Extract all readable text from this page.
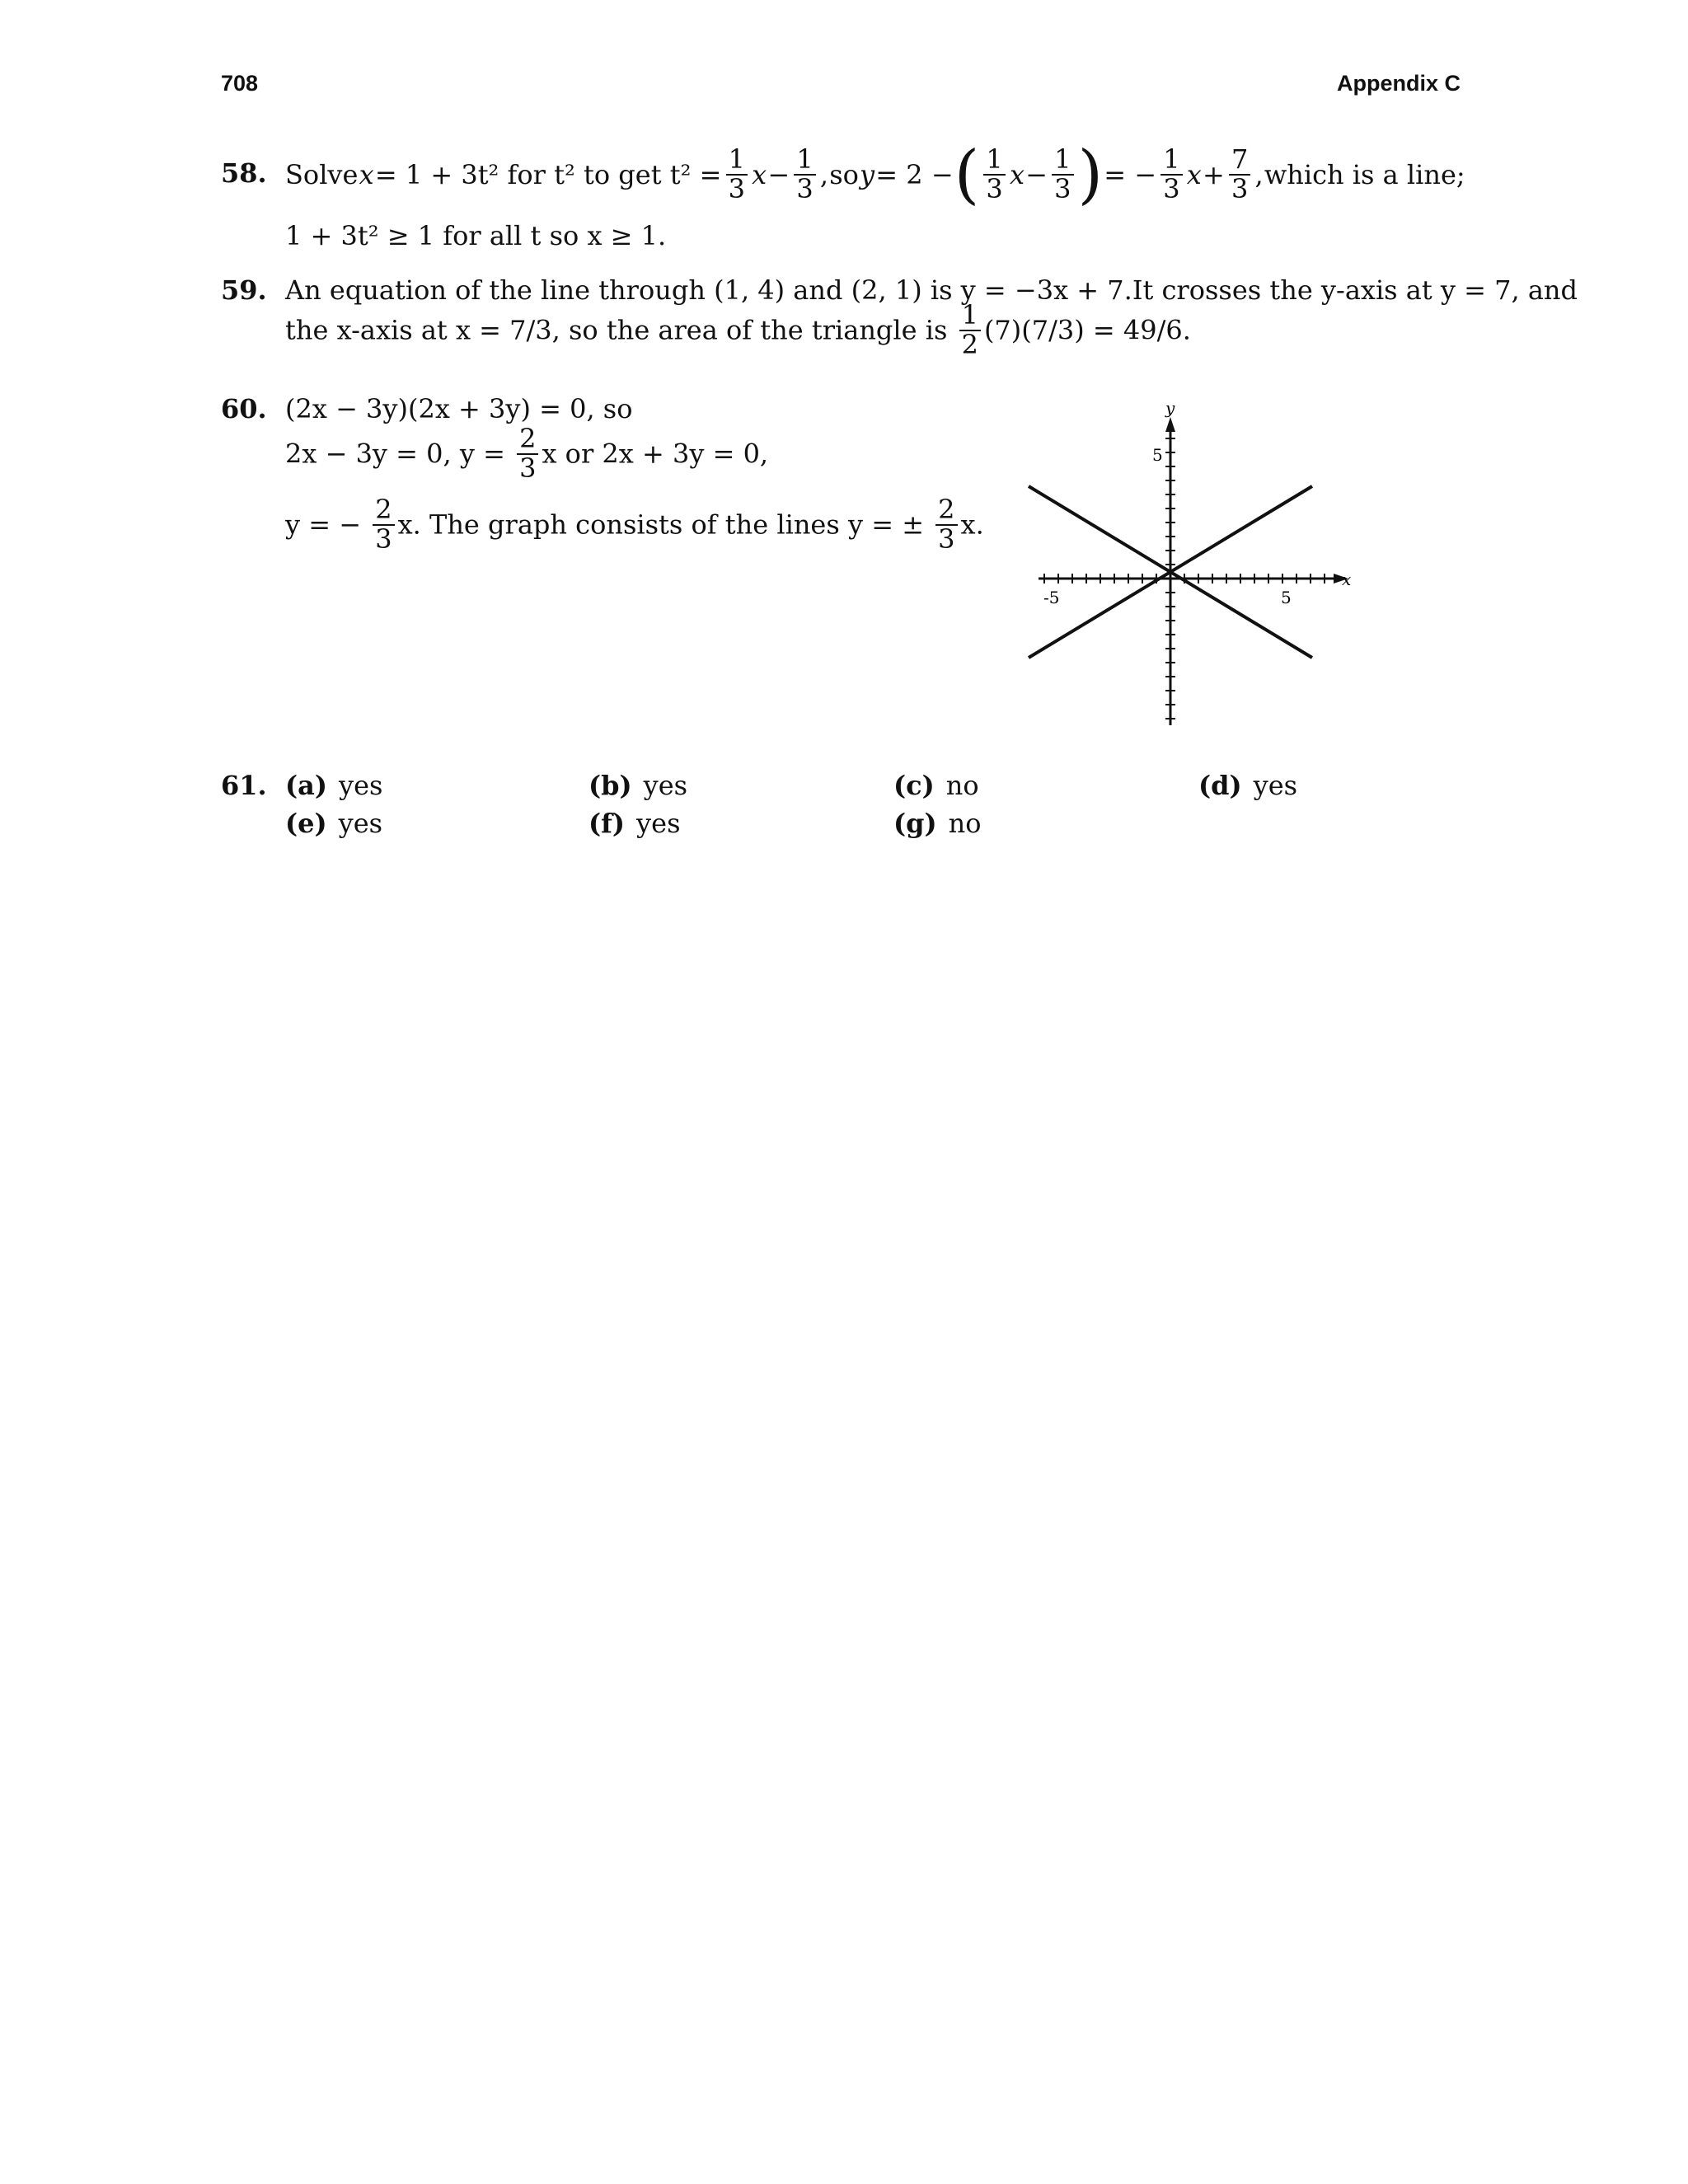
708	Appendix C
58. Solve x = 1 + 3t² for t² to get $t^2 = \frac{1}{3}$ $x - \frac{1}{3}$ , so y = 2 − ( $\frac{1}{3}$ $x - \frac{1}{3}$ ) = − $\frac{1}{3}$ $x + \frac{7}{3}$ , which is a line;
1 + 3t² ≥ 1 for all t so x ≥ 1.
59. An equation of the line through (1, 4) and (2, 1) is y = −3x + 7. It crosses the y-axis at y = 7, and
the x-axis at x = 7/3, so the area of the triangle is $\frac{1}{2} (7)(7/3) = 49/6$.
60. (2x − 3y)(2x + 3y) = 0, so
2x − 3y = 0, $y = \frac{2}{3}$ x or 2x + 3y = 0,
y = − $\frac{2}{3} x$. The graph consists of the lines y = ± $\frac{2}{3} x$.
y
x
5
-5	5
61. (a) yes	(b) yes	(c) no	(d) yes
(e) yes	(f) yes	(g) no
